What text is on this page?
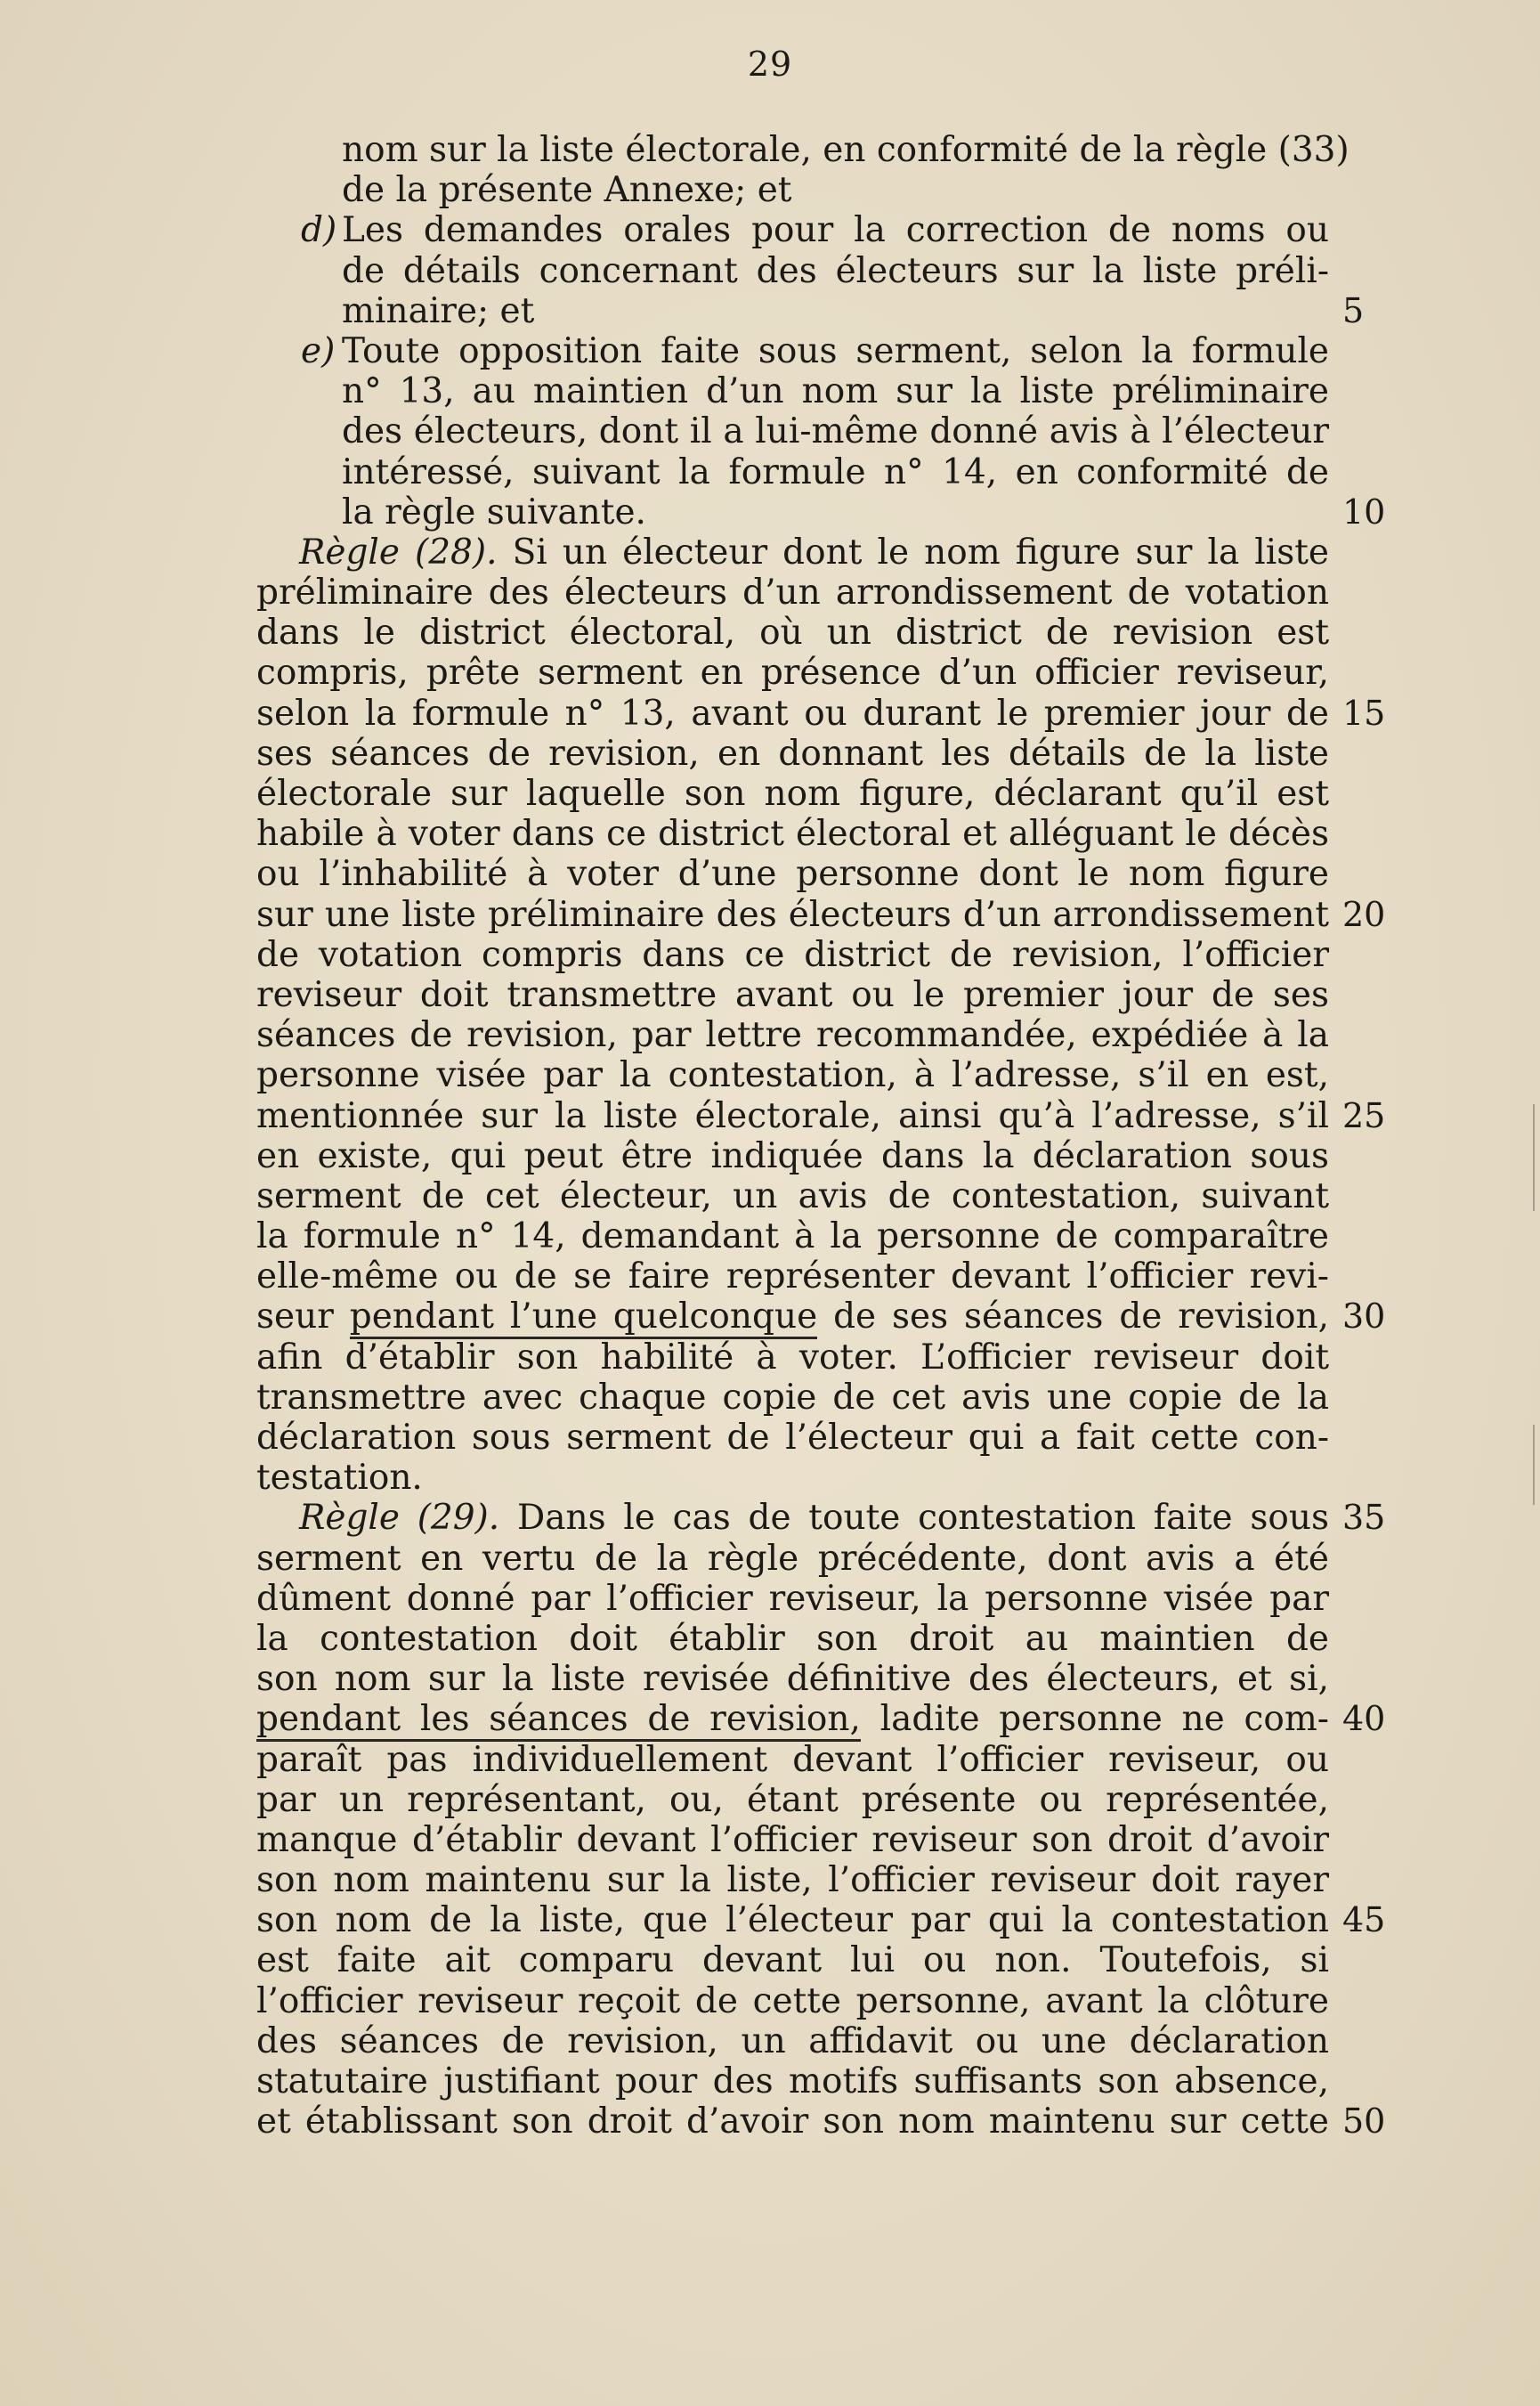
29
nom sur la liste électorale, en conformité de la règle (33)
de la présente Annexe; et
d) Les demandes orales pour la correction de noms ou
de détails concernant des électeurs sur la liste préli-
minaire; et	5
e) Toute opposition faite sous serment, selon la formule
n° 13, au maintien d’un nom sur la liste préliminaire
des électeurs, dont il a lui-même donné avis à l’électeur
intéressé, suivant la formule n° 14, en conformité de
la règle suivante.	10
Règle (28). Si un électeur dont le nom figure sur la liste
préliminaire des électeurs d’un arrondissement de votation
dans le district électoral, où un district de revision est
compris, prête serment en présence d’un officier reviseur,
selon la formule n° 13, avant ou durant le premier jour de 15
ses séances de revision, en donnant les détails de la liste
électorale sur laquelle son nom figure, déclarant qu’il est
habile à voter dans ce district électoral et alléguant le décès
ou l’inhabilité à voter d’une personne dont le nom figure
sur une liste préliminaire des électeurs d’un arrondissement 20
de votation compris dans ce district de revision, l’officier
reviseur doit transmettre avant ou le premier jour de ses
séances de revision, par lettre recommandée, expédiée à la
personne visée par la contestation, à l’adresse, s’il en est,
mentionnée sur la liste électorale, ainsi qu’à l’adresse, s’il 25
en existe, qui peut être indiquée dans la déclaration sous
serment de cet électeur, un avis de contestation, suivant
la formule n° 14, demandant à la personne de comparaître
elle-même ou de se faire représenter devant l’officier revi-
seur pendant l’une quelconque de ses séances de revision, 30
afin d’établir son habilité à voter. L’officier reviseur doit
transmettre avec chaque copie de cet avis une copie de la
déclaration sous serment de l’électeur qui a fait cette con-
testation.
Règle (29). Dans le cas de toute contestation faite sous 35
serment en vertu de la règle précédente, dont avis a été
dûment donné par l’officier reviseur, la personne visée par
la contestation doit établir son droit au maintien de
son nom sur la liste revisée définitive des électeurs, et si,
pendant les séances de revision, ladite personne ne com- 40
paraît pas individuellement devant l’officier reviseur, ou
par un représentant, ou, étant présente ou représentée,
manque d’établir devant l’officier reviseur son droit d’avoir
son nom maintenu sur la liste, l’officier reviseur doit rayer
son nom de la liste, que l’électeur par qui la contestation 45
est faite ait comparu devant lui ou non. Toutefois, si
l’officier reviseur reçoit de cette personne, avant la clôture
des séances de revision, un affidavit ou une déclaration
statutaire justifiant pour des motifs suffisants son absence,
et établissant son droit d’avoir son nom maintenu sur cette 50
